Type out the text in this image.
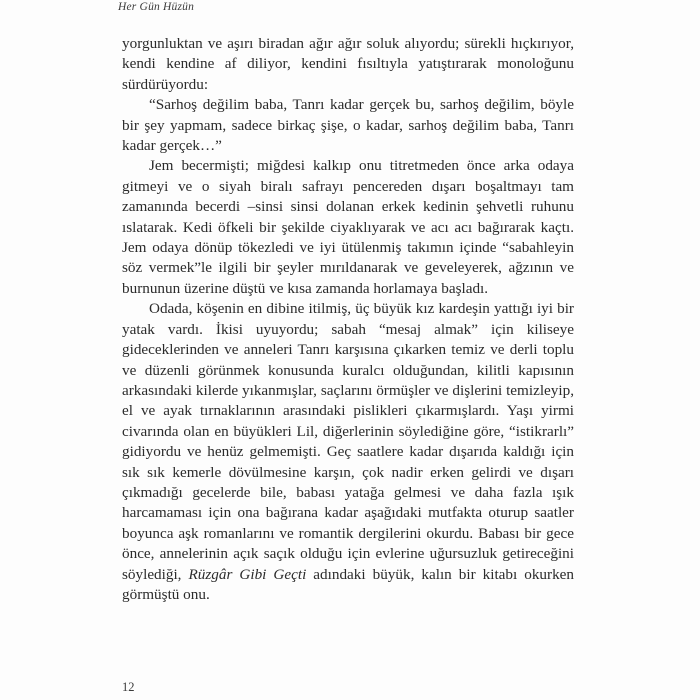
Her Gün Hüzün

yorgunluktan ve aşırı biradan ağır ağır soluk alıyordu; sürekli hıçkırıyor, kendi kendine af diliyor, kendini fısıltıyla yatıştırarak monoloğunu sürdürüyordu:

“Sarhoş değilim baba, Tanrı kadar gerçek bu, sarhoş değilim, böyle bir şey yapmam, sadece birkaç şişe, o kadar, sarhoş değilim baba, Tanrı kadar gerçek…”

Jem becermişti; miğdesi kalkıp onu titretmeden önce arka odaya gitmeyi ve o siyah biralı safrayı pencereden dışarı boşaltmayı tam zamanında becerdi –sinsi sinsi dolanan erkek kedinin şehvetli ruhunu ıslatarak. Kedi öfkeli bir şekilde ciyaklıyarak ve acı acı bağırarak kaçtı. Jem odaya dönüp tökezledi ve iyi ütülenmiş takımın içinde “sabahleyin söz vermek”le ilgili bir şeyler mırıldanarak ve geveleyerek, ağzının ve burnunun üzerine düştü ve kısa zamanda horlamaya başladı.

Odada, köşenin en dibine itilmiş, üç büyük kız kardeşin yattığı iyi bir yatak vardı. İkisi uyuyordu; sabah “mesaj almak” için kiliseye gideceklerinden ve anneleri Tanrı karşısına çıkarken temiz ve derli toplu ve düzenli görünmek konusunda kuralcı olduğundan, kilitli kapısının arkasındaki kilerde yıkanmışlar, saçlarını örmüşler ve dişlerini temizleyip, el ve ayak tırnaklarının arasındaki pislikleri çıkarmışlardı. Yaşı yirmi civarında olan en büyükleri Lil, diğerlerinin söylediğine göre, “istikrarlı” gidiyordu ve henüz gelmemişti. Geç saatlere kadar dışarıda kaldığı için sık sık kemerle dövülmesine karşın, çok nadir erken gelirdi ve dışarı çıkmadığı gecelerde bile, babası yatağa gelmesi ve daha fazla ışık harcamaması için ona bağırana kadar aşağıdaki mutfakta oturup saatler boyunca aşk romanlarını ve romantik dergilerini okurdu. Babası bir gece önce, annelerinin açık saçık olduğu için evlerine uğursuzluk getireceğini söylediği, Rüzgâr Gibi Geçti adındaki büyük, kalın bir kitabı okurken görmüştü onu.

12
